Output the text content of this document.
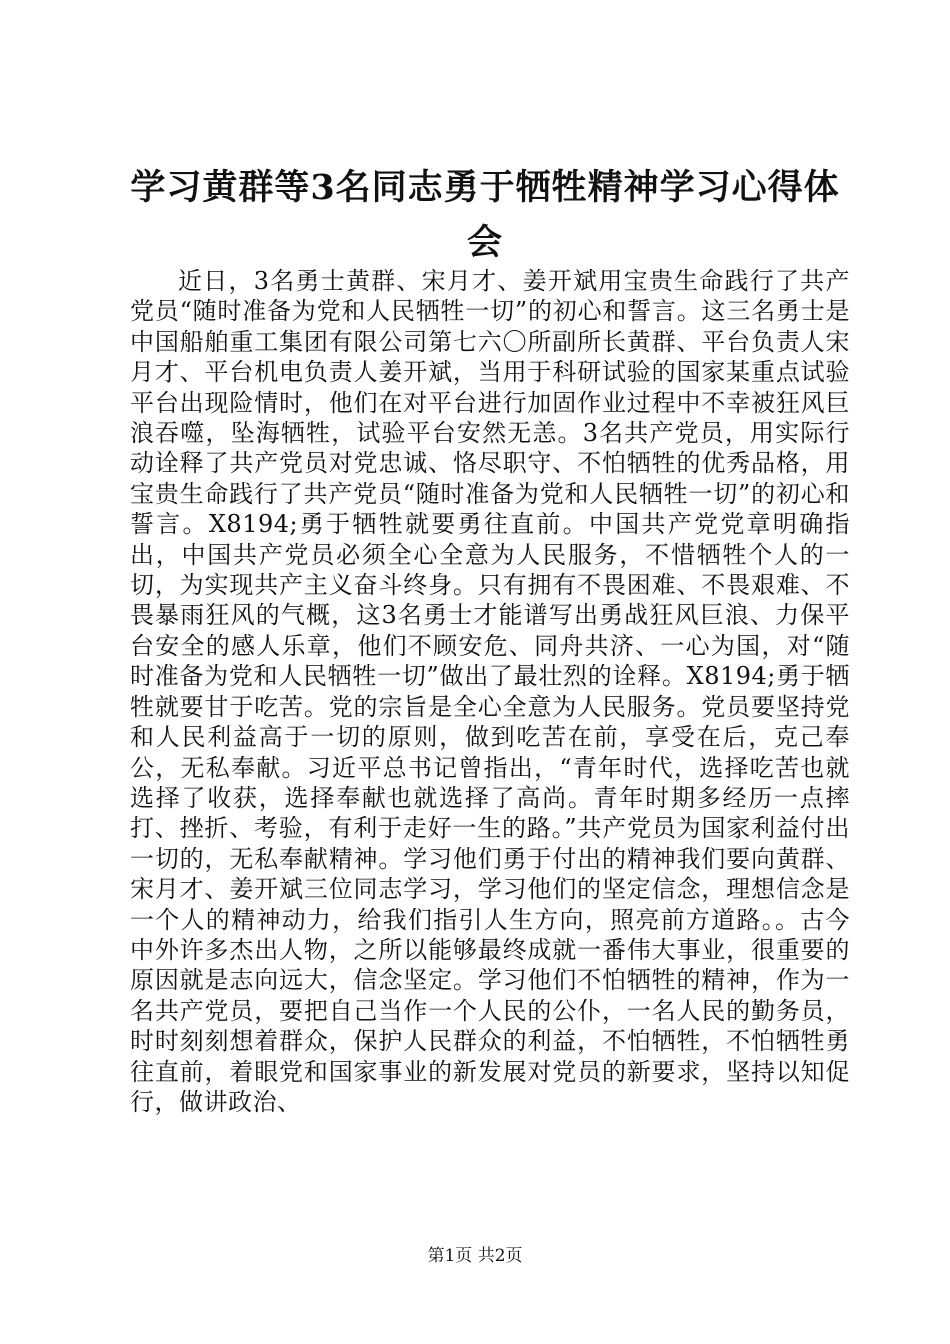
学习黄群等3名同志勇于牺牲精神学习心得体会

近日，3名勇士黄群、宋月才、姜开斌用宝贵生命践行了共产党员“随时准备为党和人民牺牲一切”的初心和誓言。这三名勇士是中国船舶重工集团有限公司第七六〇所副所长黄群、平台负责人宋月才、平台机电负责人姜开斌，当用于科研试验的国家某重点试验平台出现险情时，他们在对平台进行加固作业过程中不幸被狂风巨浪吞噬，坠海牺牲，试验平台安然无恙。3名共产党员，用实际行动诠释了共产党员对党忠诚、恪尽职守、不怕牺牲的优秀品格，用宝贵生命践行了共产党员“随时准备为党和人民牺牲一切”的初心和誓言。X8194;勇于牺牲就要勇往直前。中国共产党党章明确指出，中国共产党员必须全心全意为人民服务，不惜牺牲个人的一切，为实现共产主义奋斗终身。只有拥有不畏困难、不畏艰难、不畏暴雨狂风的气概，这3名勇士才能谱写出勇战狂风巨浪、力保平台安全的感人乐章，他们不顾安危、同舟共济、一心为国，对“随时准备为党和人民牺牲一切”做出了最壮烈的诠释。X8194;勇于牺牲就要甘于吃苦。党的宗旨是全心全意为人民服务。党员要坚持党和人民利益高于一切的原则，做到吃苦在前，享受在后，克己奉公，无私奉献。习近平总书记曾指出，“青年时代，选择吃苦也就选择了收获，选择奉献也就选择了高尚。青年时期多经历一点摔打、挫折、考验，有利于走好一生的路。”共产党员为国家利益付出一切的，无私奉献精神。学习他们勇于付出的精神我们要向黄群、宋月才、姜开斌三位同志学习，学习他们的坚定信念，理想信念是一个人的精神动力，给我们指引人生方向，照亮前方道路。。古今中外许多杰出人物，之所以能够最终成就一番伟大事业，很重要的原因就是志向远大，信念坚定。学习他们不怕牺牲的精神，作为一名共产党员，要把自己当作一个人民的公仆，一名人民的勤务员，时时刻刻想着群众，保护人民群众的利益，不怕牺牲，不怕牺牲勇往直前，着眼党和国家事业的新发展对党员的新要求，坚持以知促行，做讲政治、

第1页 共2页
